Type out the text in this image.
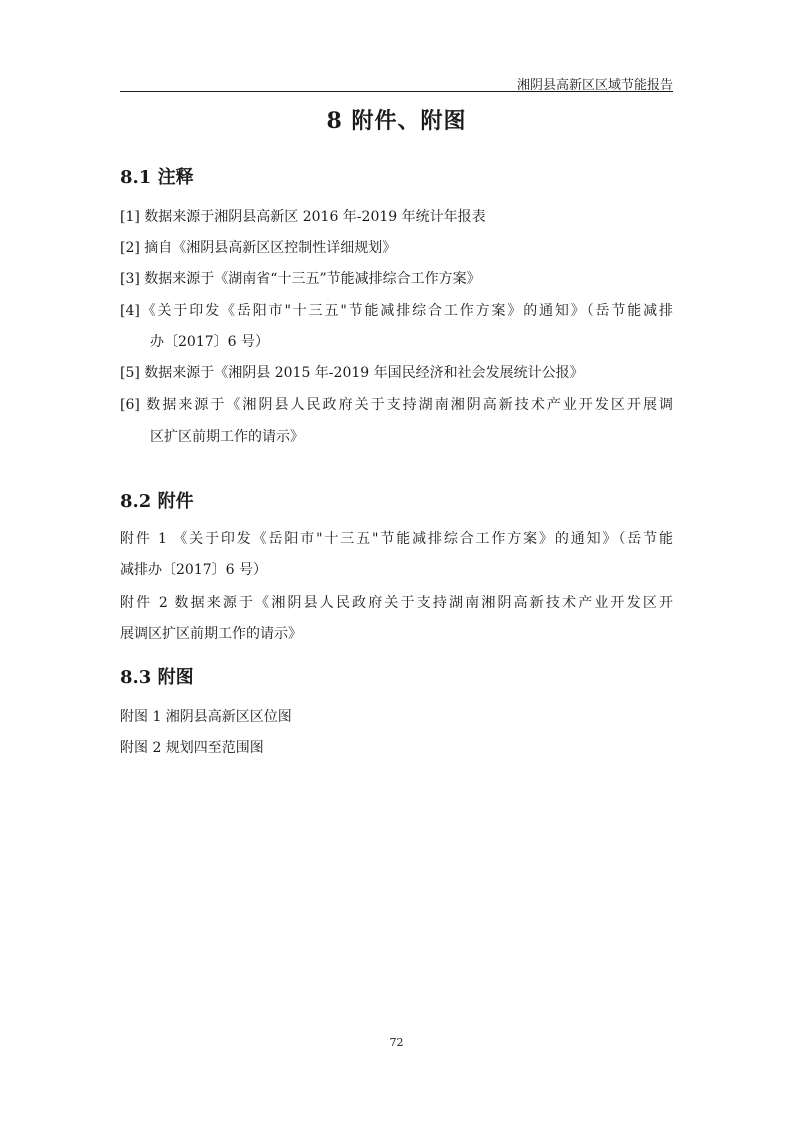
湘阴县高新区区域节能报告
8 附件、附图
8.1 注释
[1] 数据来源于湘阴县高新区 2016 年-2019 年统计年报表
[2] 摘自《湘阴县高新区区控制性详细规划》
[3] 数据来源于《湖南省“十三五”节能减排综合工作方案》
[4]《关于印发《岳阳市"十三五"节能减排综合工作方案》的通知》（岳节能减排
办〔2017〕6 号）
[5] 数据来源于《湘阴县 2015 年-2019 年国民经济和社会发展统计公报》
[6] 数据来源于《湘阴县人民政府关于支持湖南湘阴高新技术产业开发区开展调
区扩区前期工作的请示》
8.2 附件
附件 1 《关于印发《岳阳市"十三五"节能减排综合工作方案》的通知》（岳节能
减排办〔2017〕6 号）
附件 2 数据来源于《湘阴县人民政府关于支持湖南湘阴高新技术产业开发区开
展调区扩区前期工作的请示》
8.3 附图
附图 1 湘阴县高新区区位图
附图 2 规划四至范围图
72
